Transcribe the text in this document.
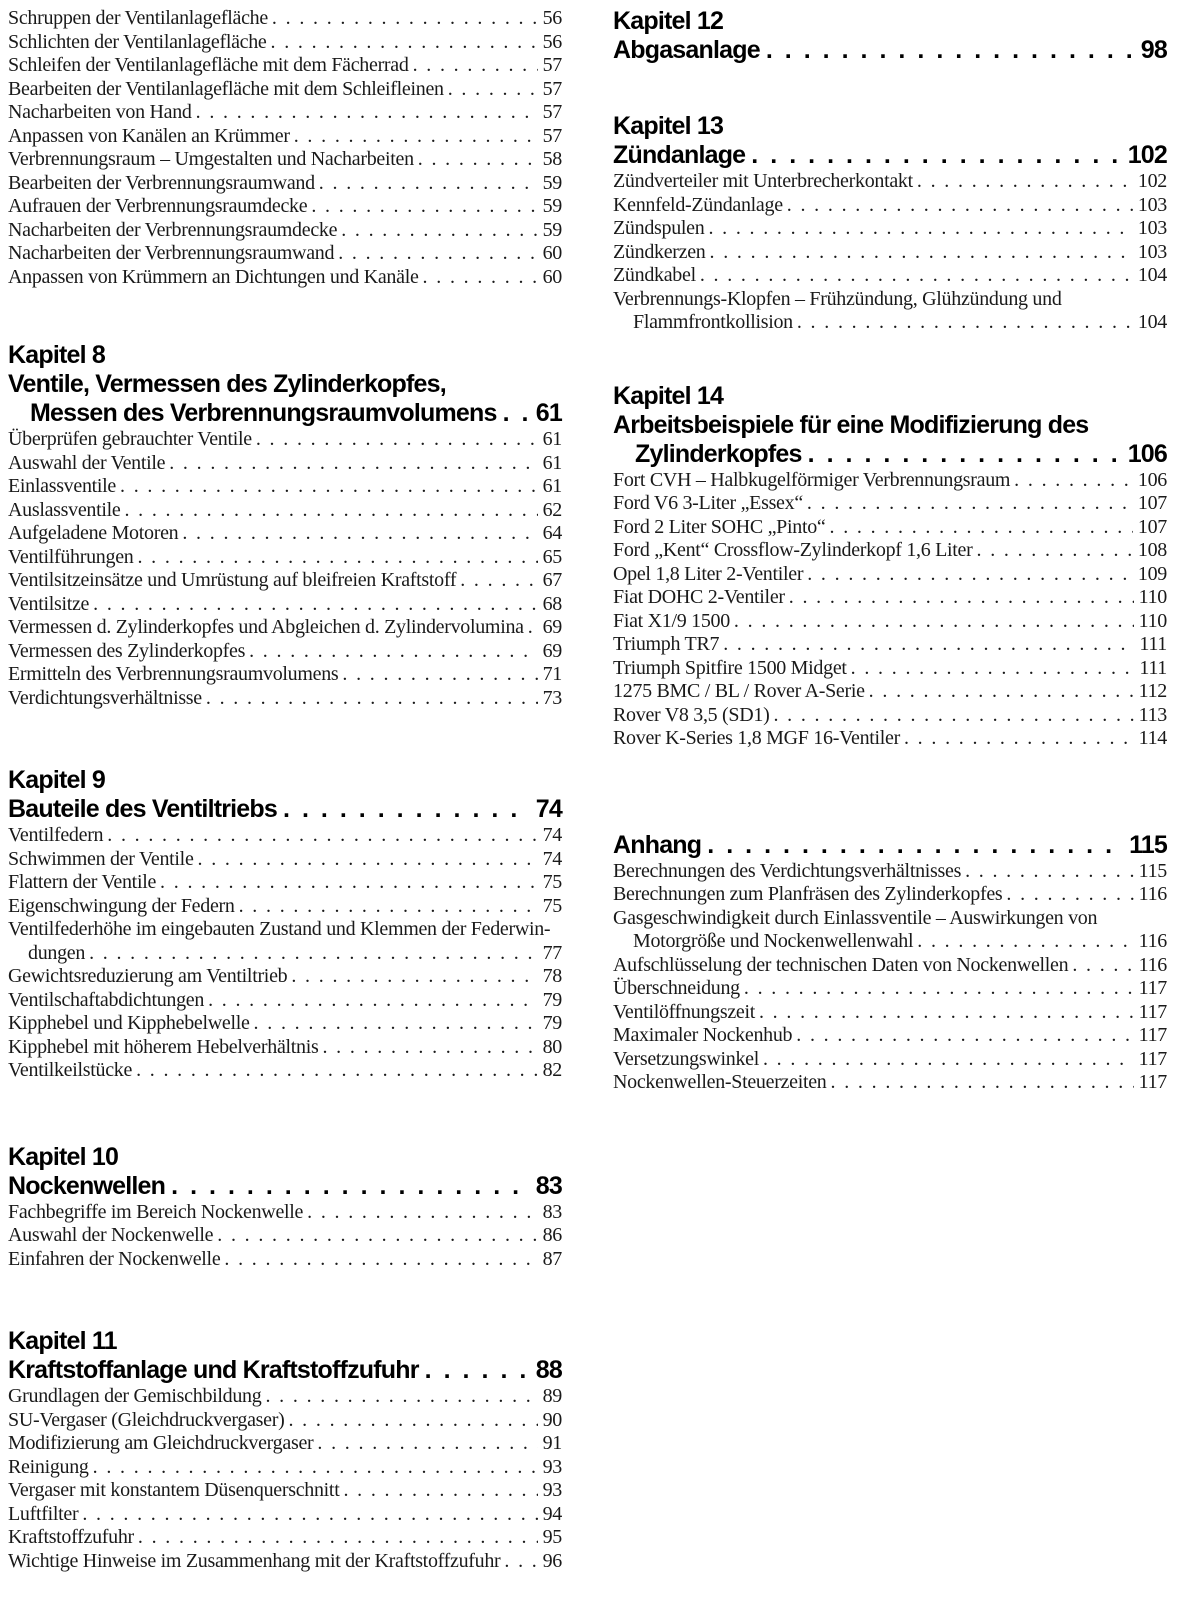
Schruppen der Ventilanlagefläche .....	56
Schlichten der Ventilanlagefläche .....	56
Schleifen der Ventilanlagefläche mit dem Fächerrad .....	57
Bearbeiten der Ventilanlagefläche mit dem Schleifleinen .....	57
Nacharbeiten von Hand .....	57
Anpassen von Kanälen an Krümmer .....	57
Verbrennungsraum – Umgestalten und Nacharbeiten .....	58
Bearbeiten der Verbrennungsraumwand .....	59
Aufrauen der Verbrennungsraumdecke .....	59
Nacharbeiten der Verbrennungsraumdecke .....	59
Nacharbeiten der Verbrennungsraumwand .....	60
Anpassen von Krümmern an Dichtungen und Kanäle .....	60
Kapitel 8
Ventile, Vermessen des Zylinderkopfes,
Messen des Verbrennungsraumvolumens ..... 61
Überprüfen gebrauchter Ventile .....	61
Auswahl der Ventile .....	61
Einlassventile .....	61
Auslassventile .....	62
Aufgeladene Motoren .....	64
Ventilführungen .....	65
Ventilsitzeinsätze und Umrüstung auf bleifreien Kraftstoff .....	67
Ventilsitze .....	68
Vermessen d. Zylinderkopfes und Abgleichen d. Zylindervolumina ..... 69
Vermessen des Zylinderkopfes .....	69
Ermitteln des Verbrennungsraumvolumens .....	71
Verdichtungsverhältnisse .....	73
Kapitel 9
Bauteile des Ventiltriebs .....	74
Ventilfedern .....	74
Schwimmen der Ventile .....	74
Flattern der Ventile .....	75
Eigenschwingung der Federn .....	75
Ventilfederhöhe im eingebauten Zustand und Klemmen der Federwin-
dungen .....	77
Gewichtsreduzierung am Ventiltrieb .....	78
Ventilschaftabdichtungen .....	79
Kipphebel und Kipphebelwelle .....	79
Kipphebel mit höherem Hebelverhältnis .....	80
Ventilkeilstücke .....	82
Kapitel 10
Nockenwellen .....	83
Fachbegriffe im Bereich Nockenwelle .....	83
Auswahl der Nockenwelle .....	86
Einfahren der Nockenwelle .....	87
Kapitel 11
Kraftstoffanlage und Kraftstoffzufuhr .....	88
Grundlagen der Gemischbildung .....	89
SU-Vergaser (Gleichdruckvergaser) .....	90
Modifizierung am Gleichdruckvergaser .....	91
Reinigung .....	93
Vergaser mit konstantem Düsenquerschnitt .....	93
Luftfilter .....	94
Kraftstoffzufuhr .....	95
Wichtige Hinweise im Zusammenhang mit der Kraftstoffzufuhr ..... 96
Kapitel 12
Abgasanlage .....	98
Kapitel 13
Zündanlage .....	102
Zündverteiler mit Unterbrecherkontakt .....	102
Kennfeld-Zündanlage .....	103
Zündspulen .....	103
Zündkerzen .....	103
Zündkabel .....	104
Verbrennungs-Klopfen – Frühzündung, Glühzündung und
Flammfrontkollision .....	104
Kapitel 14
Arbeitsbeispiele für eine Modifizierung des
Zylinderkopfes .....	106
Fort CVH – Halbkugelförmiger Verbrennungsraum .....	106
Ford V6 3-Liter „Essex“ .....	107
Ford 2 Liter SOHC „Pinto“ .....	107
Ford „Kent“ Crossflow-Zylinderkopf 1,6 Liter .....	108
Opel 1,8 Liter 2-Ventiler .....	109
Fiat DOHC 2-Ventiler .....	110
Fiat X1/9 1500 .....	110
Triumph TR7 .....	111
Triumph Spitfire 1500 Midget .....	111
1275 BMC / BL / Rover A-Serie .....	112
Rover V8 3,5 (SD1) .....	113
Rover K-Series 1,8 MGF 16-Ventiler .....	114
Anhang .....	115
Berechnungen des Verdichtungsverhältnisses .....	115
Berechnungen zum Planfräsen des Zylinderkopfes .....	116
Gasgeschwindigkeit durch Einlassventile – Auswirkungen von
Motorgröße und Nockenwellenwahl .....	116
Aufschlüsselung der technischen Daten von Nockenwellen .....	116
Überschneidung .....	117
Ventilöffnungszeit .....	117
Maximaler Nockenhub .....	117
Versetzungswinkel .....	117
Nockenwellen-Steuerzeiten .....	117
